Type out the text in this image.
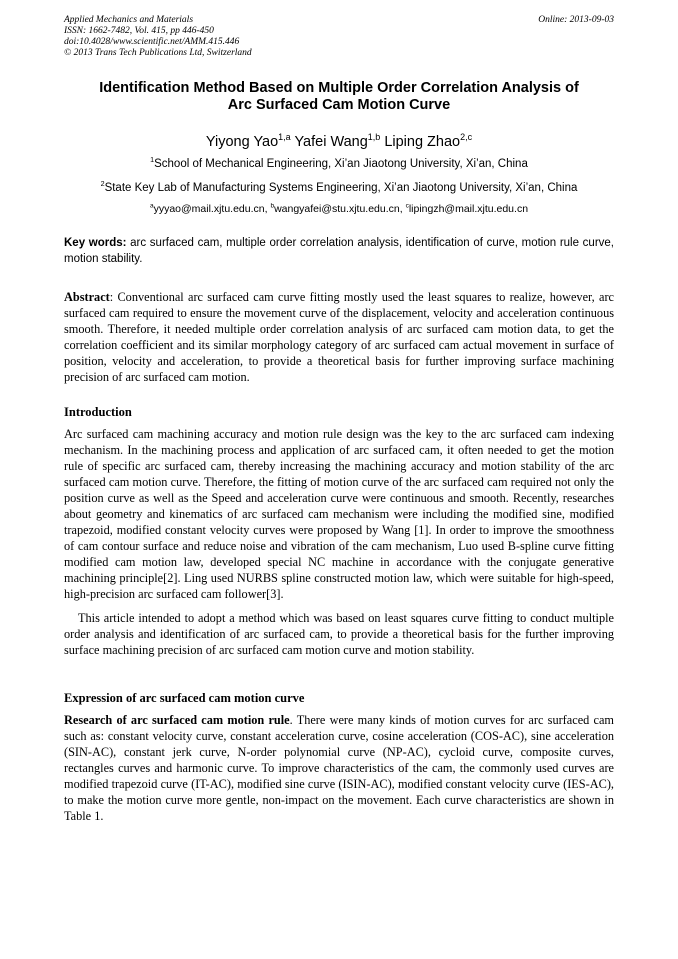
Applied Mechanics and Materials
ISSN: 1662-7482, Vol. 415, pp 446-450
doi:10.4028/www.scientific.net/AMM.415.446
© 2013 Trans Tech Publications Ltd, Switzerland
Online: 2013-09-03
Identification Method Based on Multiple Order Correlation Analysis of
Arc Surfaced Cam Motion Curve
Yiyong Yao$^{1,a}$ Yafei Wang$^{1,b}$ Liping Zhao$^{2,c}$
$^1$School of Mechanical Engineering, Xi’an Jiaotong University, Xi’an, China
$^2$State Key Lab of Manufacturing Systems Engineering, Xi’an Jiaotong University, Xi’an, China
$^a$yyyao@mail.xjtu.edu.cn, $^b$wangyafei@stu.xjtu.edu.cn, $^c$lipingzh@mail.xjtu.edu.cn
Key words: arc surfaced cam, multiple order correlation analysis, identification of curve, motion rule curve, motion stability.
Abstract: Conventional arc surfaced cam curve fitting mostly used the least squares to realize, however, arc surfaced cam required to ensure the movement curve of the displacement, velocity and acceleration continuous smooth. Therefore, it needed multiple order correlation analysis of arc surfaced cam motion data, to get the correlation coefficient and its similar morphology category of arc surfaced cam actual movement in surface of position, velocity and acceleration, to provide a theoretical basis for further improving surface machining precision of arc surfaced cam motion.
Introduction
Arc surfaced cam machining accuracy and motion rule design was the key to the arc surfaced cam indexing mechanism. In the machining process and application of arc surfaced cam, it often needed to get the motion rule of specific arc surfaced cam, thereby increasing the machining accuracy and motion stability of the arc surfaced cam motion curve. Therefore, the fitting of motion curve of the arc surfaced cam required not only the position curve as well as the Speed and acceleration curve were continuous and smooth. Recently, researches about geometry and kinematics of arc surfaced cam mechanism were including the modified sine, modified trapezoid, modified constant velocity curves were proposed by Wang [1]. In order to improve the smoothness of cam contour surface and reduce noise and vibration of the cam mechanism, Luo used B-spline curve fitting modified cam motion law, developed special NC machine in accordance with the conjugate generative machining principle[2]. Ling used NURBS spline constructed motion law, which were suitable for high-speed, high-precision arc surfaced cam follower[3].
This article intended to adopt a method which was based on least squares curve fitting to conduct multiple order analysis and identification of arc surfaced cam, to provide a theoretical basis for the further improving surface machining precision of arc surfaced cam motion curve and motion stability.
Expression of arc surfaced cam motion curve
Research of arc surfaced cam motion rule. There were many kinds of motion curves for arc surfaced cam such as: constant velocity curve, constant acceleration curve, cosine acceleration (COS-AC), sine acceleration (SIN-AC), constant jerk curve, N-order polynomial curve (NP-AC), cycloid curve, composite curves, rectangles curves and harmonic curve. To improve characteristics of the cam, the commonly used curves are modified trapezoid curve (IT-AC), modified sine curve (ISIN-AC), modified constant velocity curve (IES-AC), to make the motion curve more gentle, non-impact on the movement. Each curve characteristics are shown in Table 1.
